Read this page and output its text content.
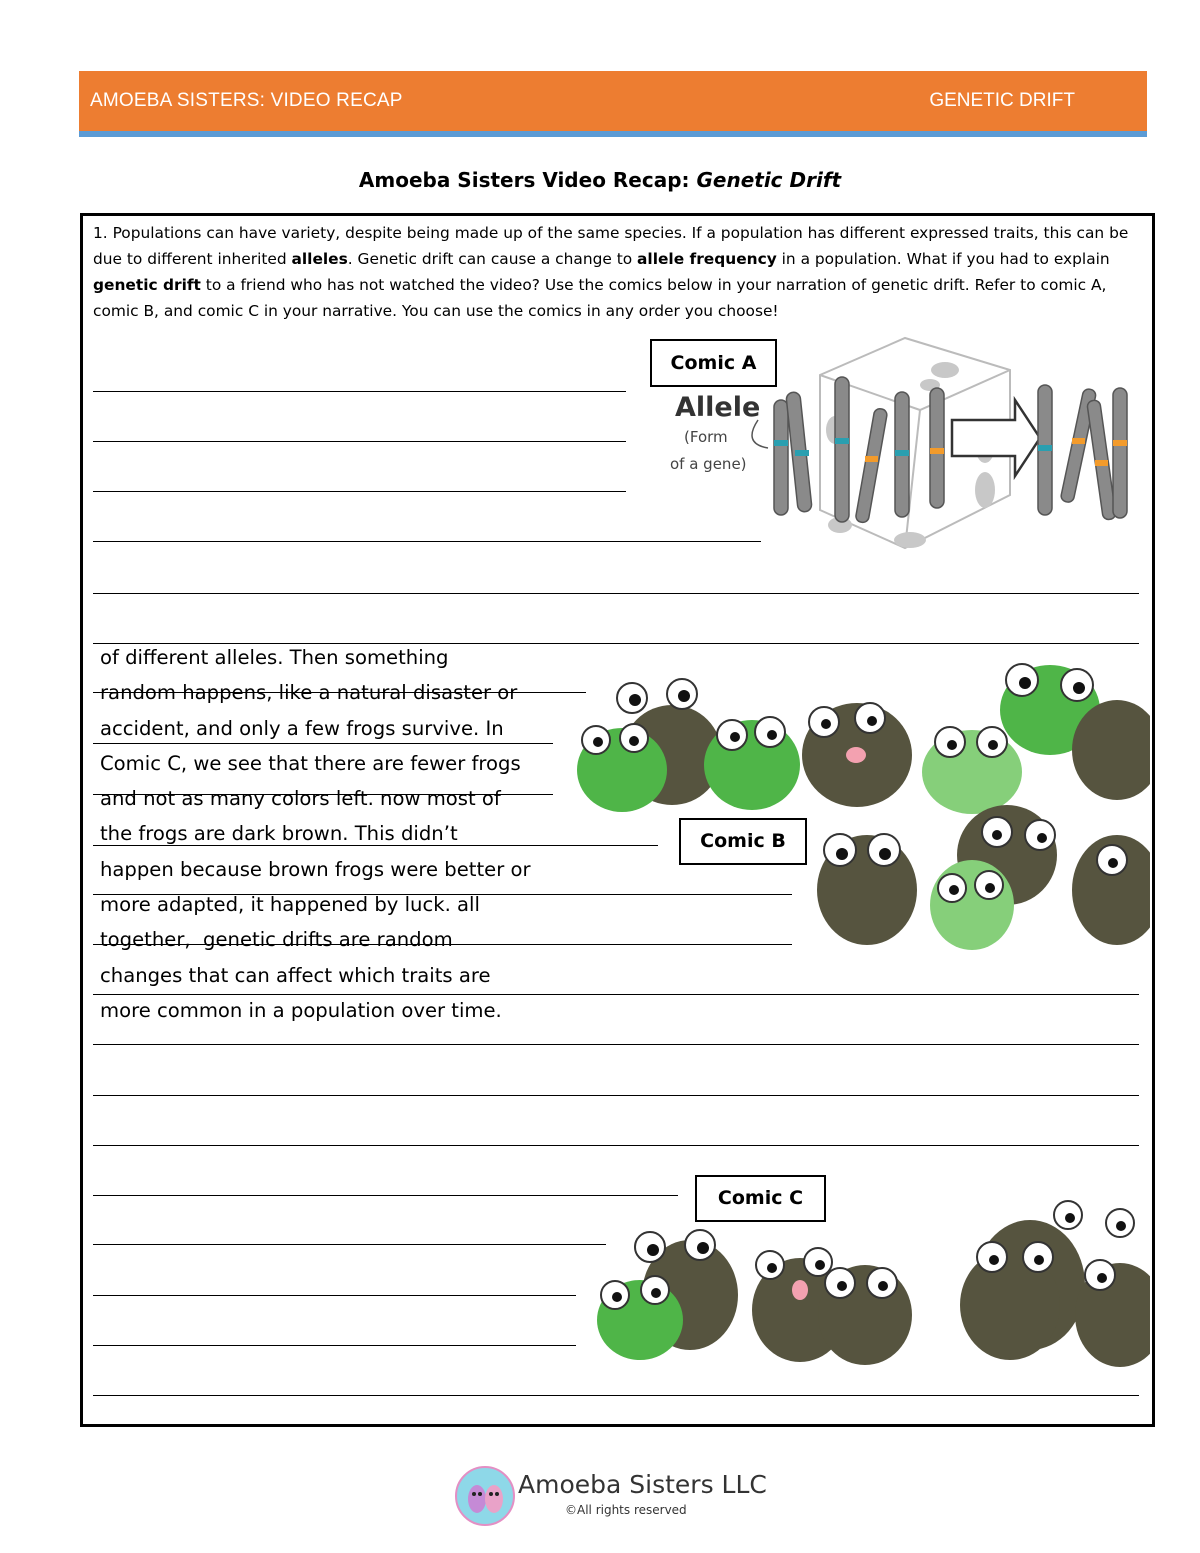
AMOEBA SISTERS: VIDEO RECAP	GENETIC DRIFT
Amoeba Sisters Video Recap: Genetic Drift
1. Populations can have variety, despite being made up of the same species. If a population has different expressed traits, this can be due to different inherited alleles. Genetic drift can cause a change to allele frequency in a population. What if you had to explain genetic drift to a friend who has not watched the video? Use the comics below in your narration of genetic drift. Refer to comic A, comic B, and comic C in your narrative. You can use the comics in any order you choose!
Allele
(Form
of a gene)
Comic A
Comic B
Comic C
of different alleles. Then something
random happens, like a natural disaster or
accident, and only a few frogs survive. In
Comic C, we see that there are fewer frogs
and not as many colors left. now most of
the frogs are dark brown. This didn’t
happen because brown frogs were better or
more adapted, it happened by luck. all
together,  genetic drifts are random
changes that can affect which traits are
more common in a population over time.
Amoeba Sisters LLC
©All rights reserved
